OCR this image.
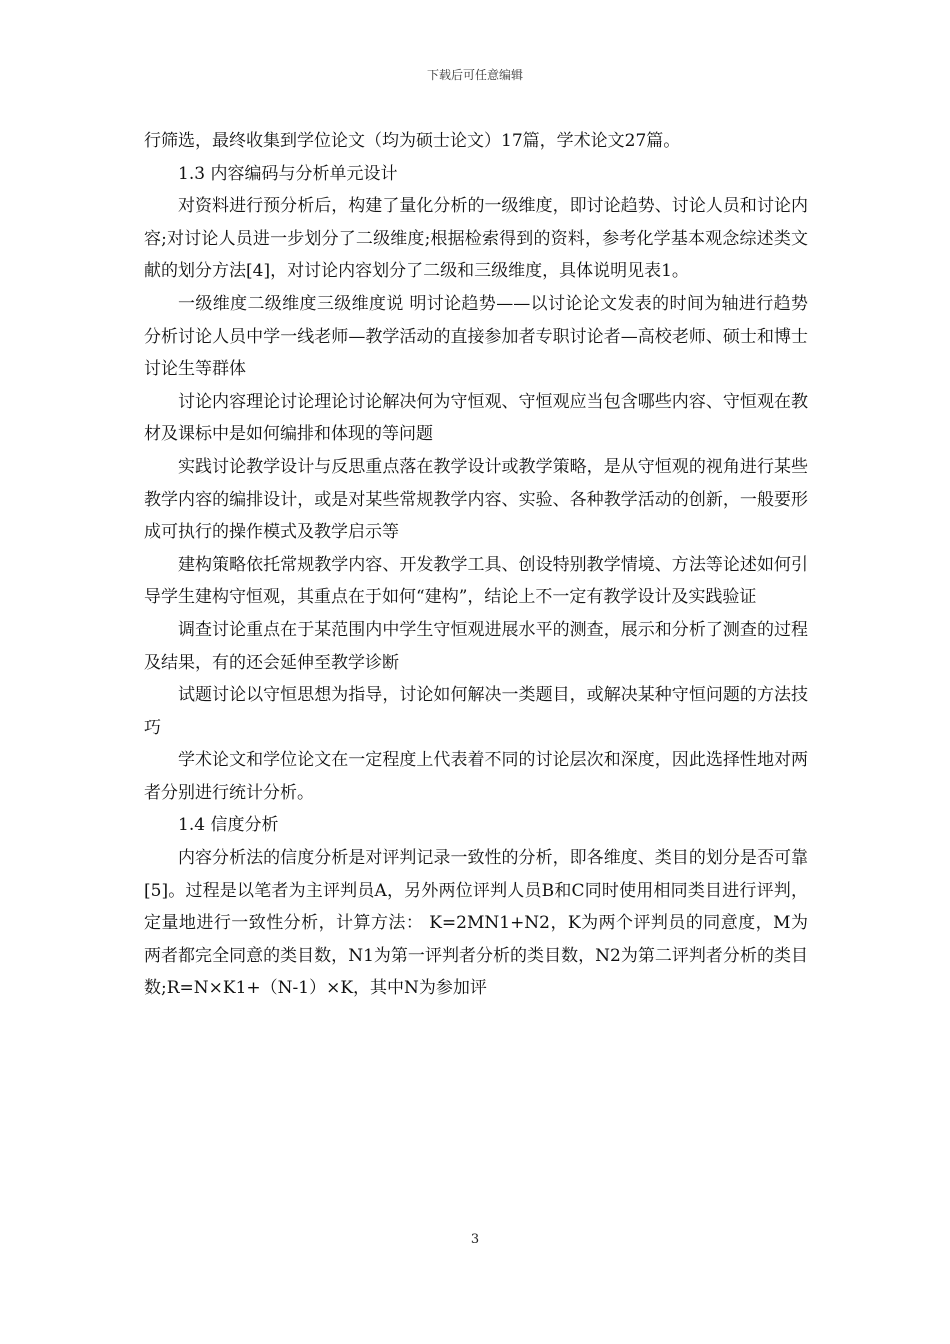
下载后可任意编辑

行筛选，最终收集到学位论文（均为硕士论文）17篇，学术论文27篇。

1.3 内容编码与分析单元设计

对资料进行预分析后，构建了量化分析的一级维度，即讨论趋势、讨论人员和讨论内容;对讨论人员进一步划分了二级维度;根据检索得到的资料，参考化学基本观念综述类文献的划分方法[4]，对讨论内容划分了二级和三级维度，具体说明见表1。

一级维度二级维度三级维度说 明讨论趋势——以讨论论文发表的时间为轴进行趋势分析讨论人员中学一线老师—教学活动的直接参加者专职讨论者—高校老师、硕士和博士讨论生等群体

讨论内容理论讨论理论讨论解决何为守恒观、守恒观应当包含哪些内容、守恒观在教材及课标中是如何编排和体现的等问题

实践讨论教学设计与反思重点落在教学设计或教学策略，是从守恒观的视角进行某些教学内容的编排设计，或是对某些常规教学内容、实验、各种教学活动的创新，一般要形成可执行的操作模式及教学启示等

建构策略依托常规教学内容、开发教学工具、创设特别教学情境、方法等论述如何引导学生建构守恒观，其重点在于如何“建构”，结论上不一定有教学设计及实践验证

调查讨论重点在于某范围内中学生守恒观进展水平的测查，展示和分析了测查的过程及结果，有的还会延伸至教学诊断

试题讨论以守恒思想为指导，讨论如何解决一类题目，或解决某种守恒问题的方法技巧

学术论文和学位论文在一定程度上代表着不同的讨论层次和深度，因此选择性地对两者分别进行统计分析。

1.4 信度分析

内容分析法的信度分析是对评判记录一致性的分析，即各维度、类目的划分是否可靠[5]。过程是以笔者为主评判员A，另外两位评判人员B和C同时使用相同类目进行评判，定量地进行一致性分析，计算方法： K=2MN1+N2，K为两个评判员的同意度，M为两者都完全同意的类目数，N1为第一评判者分析的类目数，N2为第二评判者分析的类目数;R=N×K1+（N-1）×K，其中N为参加评

3
